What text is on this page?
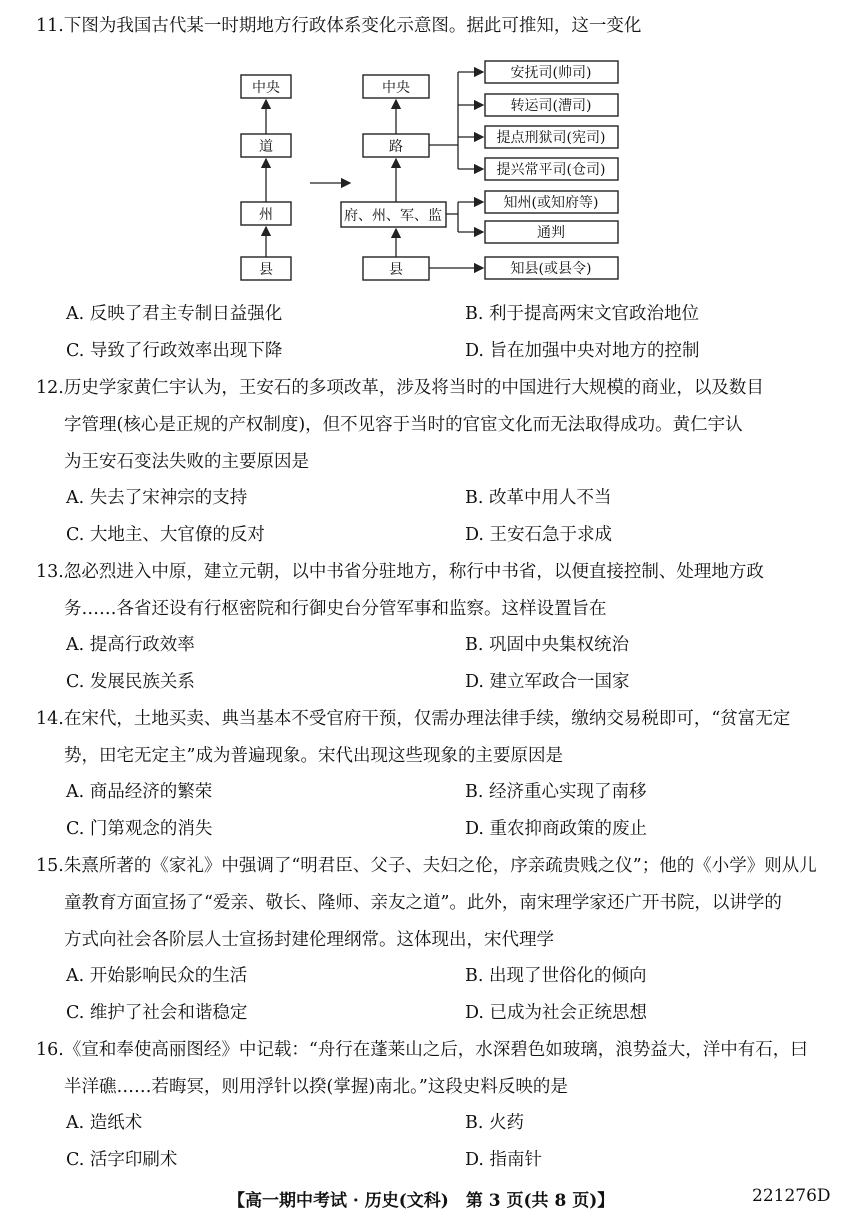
11.下图为我国古代某一时期地方行政体系变化示意图。据此可推知，这一变化
中央
道
州
县
中央
路
府、州、军、监
县
安抚司(帅司)
转运司(漕司)
提点刑狱司(宪司)
提兴常平司(仓司)
知州(或知府等)
通判
知县(或县令)
A. 反映了君主专制日益强化	B. 利于提高两宋文官政治地位
C. 导致了行政效率出现下降	D. 旨在加强中央对地方的控制
12.历史学家黄仁宇认为，王安石的多项改革，涉及将当时的中国进行大规模的商业，以及数目
字管理(核心是正规的产权制度)，但不见容于当时的官宦文化而无法取得成功。黄仁宇认
为王安石变法失败的主要原因是
A. 失去了宋神宗的支持	B. 改革中用人不当
C. 大地主、大官僚的反对	D. 王安石急于求成
13.忽必烈进入中原，建立元朝，以中书省分驻地方，称行中书省，以便直接控制、处理地方政
务……各省还设有行枢密院和行御史台分管军事和监察。这样设置旨在
A. 提高行政效率	B. 巩固中央集权统治
C. 发展民族关系	D. 建立军政合一国家
14.在宋代，土地买卖、典当基本不受官府干预，仅需办理法律手续，缴纳交易税即可，“贫富无定
势，田宅无定主”成为普遍现象。宋代出现这些现象的主要原因是
A. 商品经济的繁荣	B. 经济重心实现了南移
C. 门第观念的消失	D. 重农抑商政策的废止
15.朱熹所著的《家礼》中强调了“明君臣、父子、夫妇之伦，序亲疏贵贱之仪”；他的《小学》则从儿
童教育方面宣扬了“爱亲、敬长、隆师、亲友之道”。此外，南宋理学家还广开书院，以讲学的
方式向社会各阶层人士宣扬封建伦理纲常。这体现出，宋代理学
A. 开始影响民众的生活	B. 出现了世俗化的倾向
C. 维护了社会和谐稳定	D. 已成为社会正统思想
16.《宣和奉使高丽图经》中记载：“舟行在蓬莱山之后，水深碧色如玻璃，浪势益大，洋中有石，曰
半洋礁……若晦冥，则用浮针以揆(掌握)南北。”这段史料反映的是
A. 造纸术	B. 火药
C. 活字印刷术	D. 指南针
【高一期中考试 · 历史(文科)　第 3 页(共 8 页)】	221276D
